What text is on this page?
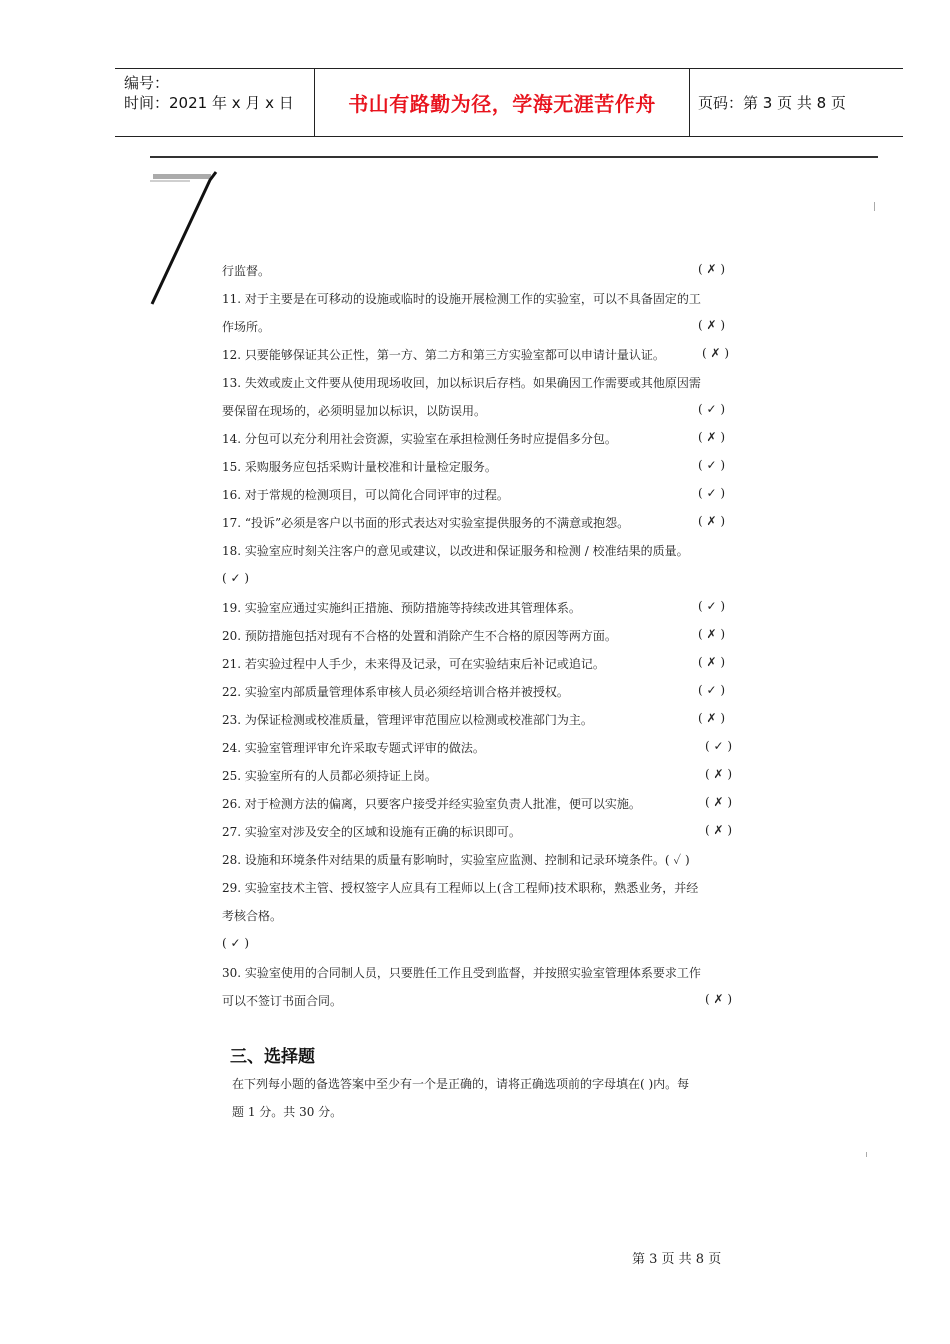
编号：
时间：2021 年 x 月 x 日	书山有路勤为径，学海无涯苦作舟	页码：第 3 页 共 8 页
行监督。	( ✗ )
11. 对于主要是在可移动的设施或临时的设施开展检测工作的实验室，可以不具备固定的工
作场所。	( ✗ )
12. 只要能够保证其公正性，第一方、第二方和第三方实验室都可以申请计量认证。	( ✗ )
13. 失效或废止文件要从使用现场收回，加以标识后存档。如果确因工作需要或其他原因需
要保留在现场的，必须明显加以标识，以防误用。	( ✓ )
14. 分包可以充分利用社会资源，实验室在承担检测任务时应提倡多分包。	( ✗ )
15. 采购服务应包括采购计量校准和计量检定服务。	( ✓ )
16. 对于常规的检测项目，可以简化合同评审的过程。	( ✓ )
17. “投诉”必须是客户以书面的形式表达对实验室提供服务的不满意或抱怨。	( ✗ )
18. 实验室应时刻关注客户的意见或建议，以改进和保证服务和检测 / 校准结果的质量。
( ✓ )
19. 实验室应通过实施纠正措施、预防措施等持续改进其管理体系。	( ✓ )
20. 预防措施包括对现有不合格的处置和消除产生不合格的原因等两方面。	( ✗ )
21. 若实验过程中人手少，未来得及记录，可在实验结束后补记或追记。	( ✗ )
22. 实验室内部质量管理体系审核人员必须经培训合格并被授权。	( ✓ )
23. 为保证检测或校准质量，管理评审范围应以检测或校准部门为主。	( ✗ )
24. 实验室管理评审允许采取专题式评审的做法。	( ✓ )
25. 实验室所有的人员都必须持证上岗。	( ✗ )
26. 对于检测方法的偏离，只要客户接受并经实验室负责人批准，便可以实施。	( ✗ )
27. 实验室对涉及安全的区域和设施有正确的标识即可。	( ✗ )
28. 设施和环境条件对结果的质量有影响时，实验室应监测、控制和记录环境条件。( ✓ )
29. 实验室技术主管、授权签字人应具有工程师以上(含工程师)技术职称，熟悉业务，并经
考核合格。
( ✓ )
30. 实验室使用的合同制人员，只要胜任工作且受到监督，并按照实验室管理体系要求工作
可以不签订书面合同。	( ✗ )
三、选择题
在下列每小题的备选答案中至少有一个是正确的，请将正确选项前的字母填在( )内。每
题 1 分。共 30 分。
第 3 页 共 8 页
